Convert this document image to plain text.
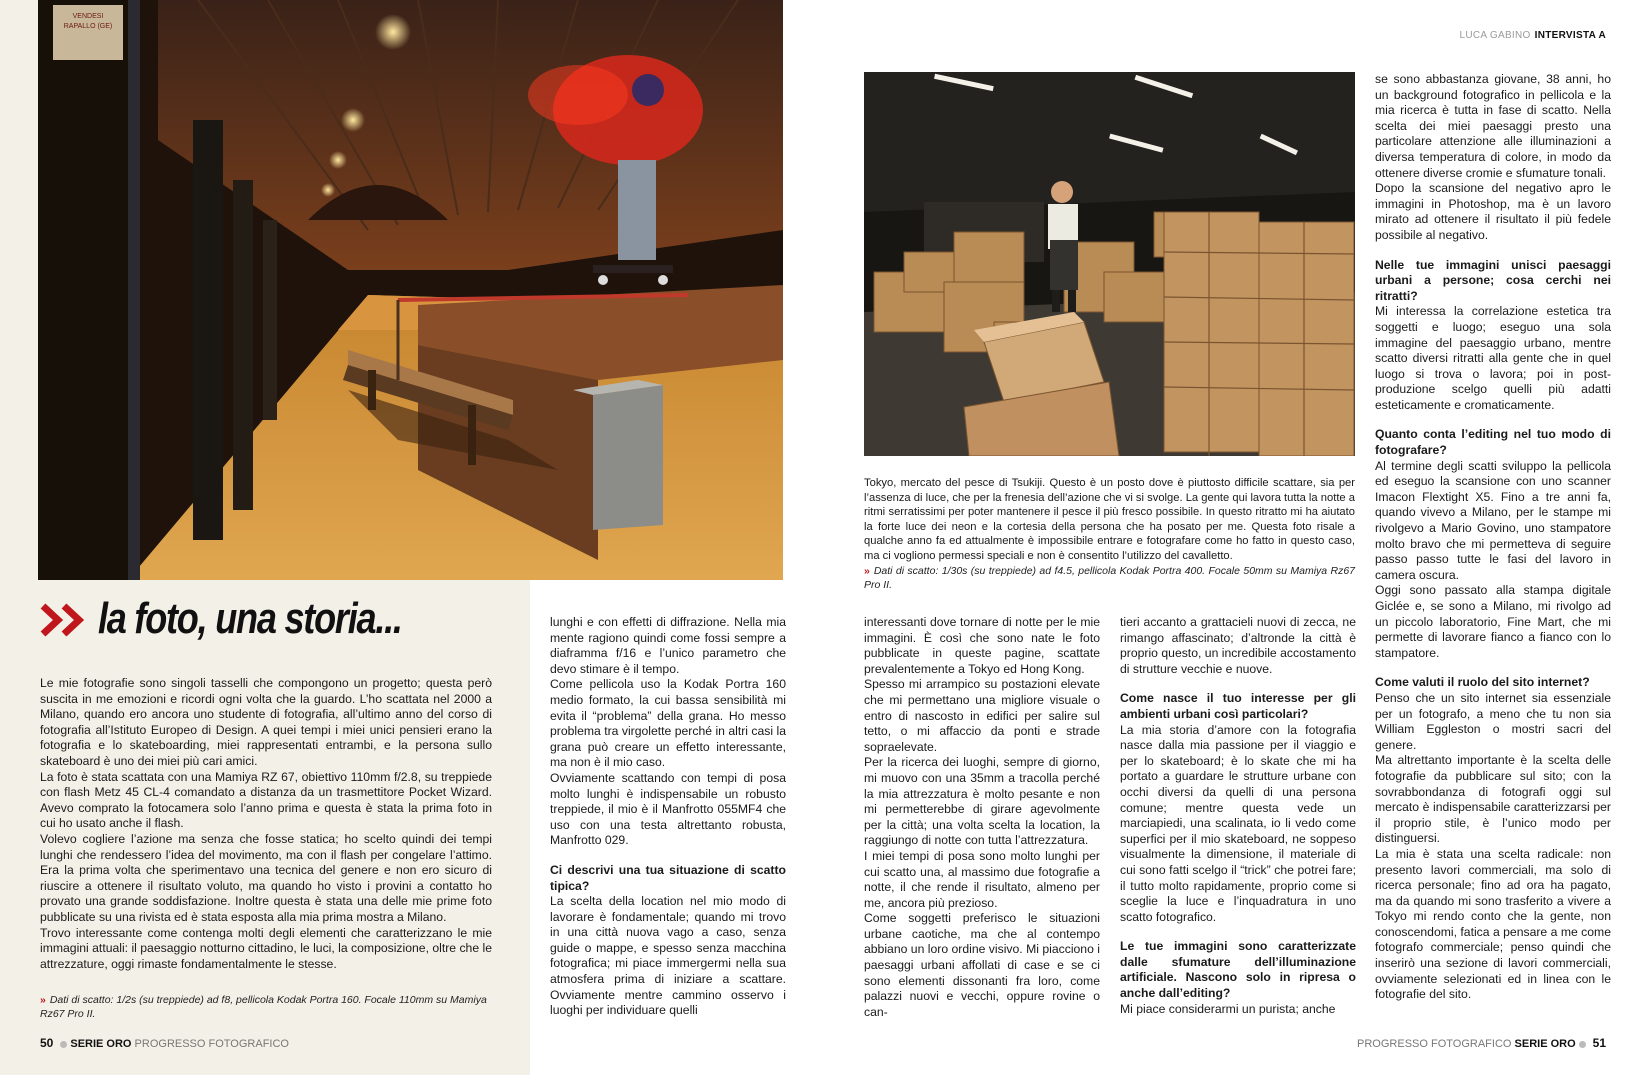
VENDESI
RAPALLO (GE)
la foto, una storia...

Le mie fotografie sono singoli tasselli che compongono un progetto; questa però suscita in me emozioni e ricordi ogni volta che la guardo. L’ho scattata nel 2000 a Milano, quando ero ancora uno studente di fotografia, all’ultimo anno del corso di fotografia all’Istituto Europeo di Design. A quei tempi i miei unici pensieri erano la fotografia e lo skateboarding, miei rappresentati entrambi, e la persona sullo skateboard è uno dei miei più cari amici.

La foto è stata scattata con una Mamiya RZ 67, obiettivo 110mm f/2.8, su treppiede con flash Metz 45 CL-4 comandato a distanza da un trasmettitore Pocket Wizard. Avevo comprato la fotocamera solo l’anno prima e questa è stata la prima foto in cui ho usato anche il flash.

Volevo cogliere l’azione ma senza che fosse statica; ho scelto quindi dei tempi lunghi che rendessero l’idea del movimento, ma con il flash per congelare l’attimo. Era la prima volta che sperimentavo una tecnica del genere e non ero sicuro di riuscire a ottenere il risultato voluto, ma quando ho visto i provini a contatto ho provato una grande soddisfazione. Inoltre questa è stata una delle mie prime foto pubblicate su una rivista ed è stata esposta alla mia prima mostra a Milano.

Trovo interessante come contenga molti degli elementi che caratterizzano le mie immagini attuali: il paesaggio notturno cittadino, le luci, la composizione, oltre che le attrezzature, oggi rimaste fondamentalmente le stesse.

» Dati di scatto: 1/2s (su treppiede) ad f8, pellicola Kodak Portra 160. Focale 110mm su Mamiya Rz67 Pro II.

lunghi e con effetti di diffrazione. Nella mia mente ragiono quindi come fossi sempre a diaframma f/16 e l’unico parametro che devo stimare è il tempo.

Come pellicola uso la Kodak Portra 160 medio formato, la cui bassa sensibilità mi evita il “problema” della grana. Ho messo problema tra virgolette perché in altri casi la grana può creare un effetto interessante, ma non è il mio caso.

Ovviamente scattando con tempi di posa molto lunghi è indispensabile un robusto treppiede, il mio è il Manfrotto 055MF4 che uso con una testa altrettanto robusta, Manfrotto 029.

Ci descrivi una tua situazione di scatto tipica?

La scelta della location nel mio modo di lavorare è fondamentale; quando mi trovo in una città nuova vago a caso, senza guide o mappe, e spesso senza macchina fotografica; mi piace immergermi nella sua atmosfera prima di iniziare a scattare. Ovviamente mentre cammino osservo i luoghi per individuare quelli

50 SERIE ORO PROGRESSO FOTOGRAFICO
LUCA GABINO INTERVISTA A

Tokyo, mercato del pesce di Tsukiji. Questo è un posto dove è piuttosto difficile scattare, sia per l’assenza di luce, che per la frenesia dell’azione che vi si svolge. La gente qui lavora tutta la notte a ritmi serratissimi per poter mantenere il pesce il più fresco possibile. In questo ritratto mi ha aiutato la forte luce dei neon e la cortesia della persona che ha posato per me. Questa foto risale a qualche anno fa ed attualmente è impossibile entrare e fotografare come ho fatto in questo caso, ma ci vogliono permessi speciali e non è consentito l’utilizzo del cavalletto.

» Dati di scatto: 1/30s (su treppiede) ad f4.5, pellicola Kodak Portra 400. Focale 50mm su Mamiya Rz67 Pro II.

interessanti dove tornare di notte per le mie immagini. È così che sono nate le foto pubblicate in queste pagine, scattate prevalentemente a Tokyo ed Hong Kong.

Spesso mi arrampico su postazioni elevate che mi permettano una migliore visuale o entro di nascosto in edifici per salire sul tetto, o mi affaccio da ponti e strade sopraelevate.

Per la ricerca dei luoghi, sempre di giorno, mi muovo con una 35mm a tracolla perché la mia attrezzatura è molto pesante e non mi permetterebbe di girare agevolmente per la città; una volta scelta la location, la raggiungo di notte con tutta l’attrezzatura.

I miei tempi di posa sono molto lunghi per cui scatto una, al massimo due fotografie a notte, il che rende il risultato, almeno per me, ancora più prezioso.

Come soggetti preferisco le situazioni urbane caotiche, ma che al contempo abbiano un loro ordine visivo. Mi piacciono i paesaggi urbani affollati di case e se ci sono elementi dissonanti fra loro, come palazzi nuovi e vecchi, oppure rovine o can-

tieri accanto a grattacieli nuovi di zecca, ne rimango affascinato; d’altronde la città è proprio questo, un incredibile accostamento di strutture vecchie e nuove.

Come nasce il tuo interesse per gli ambienti urbani così particolari?

La mia storia d’amore con la fotografia nasce dalla mia passione per il viaggio e per lo skateboard; è lo skate che mi ha portato a guardare le strutture urbane con occhi diversi da quelli di una persona comune; mentre questa vede un marciapiedi, una scalinata, io li vedo come superfici per il mio skateboard, ne soppeso visualmente la dimensione, il materiale di cui sono fatti scelgo il “trick” che potrei fare; il tutto molto rapidamente, proprio come si sceglie la luce e l’inquadratura in uno scatto fotografico.

Le tue immagini sono caratterizzate dalle sfumature dell’illuminazione artificiale. Nascono solo in ripresa o anche dall’editing?

Mi piace considerarmi un purista; anche

se sono abbastanza giovane, 38 anni, ho un background fotografico in pellicola e la mia ricerca è tutta in fase di scatto. Nella scelta dei miei paesaggi presto una particolare attenzione alle illuminazioni a diversa temperatura di colore, in modo da ottenere diverse cromie e sfumature tonali.

Dopo la scansione del negativo apro le immagini in Photoshop, ma è un lavoro mirato ad ottenere il risultato il più fedele possibile al negativo.

Nelle tue immagini unisci paesaggi urbani a persone; cosa cerchi nei ritratti?

Mi interessa la correlazione estetica tra soggetti e luogo; eseguo una sola immagine del paesaggio urbano, mentre scatto diversi ritratti alla gente che in quel luogo si trova o lavora; poi in post-produzione scelgo quelli più adatti esteticamente e cromaticamente.

Quanto conta l’editing nel tuo modo di fotografare?

Al termine degli scatti sviluppo la pellicola ed eseguo la scansione con uno scanner Imacon Flextight X5. Fino a tre anni fa, quando vivevo a Milano, per le stampe mi rivolgevo a Mario Govino, uno stampatore molto bravo che mi permetteva di seguire passo passo tutte le fasi del lavoro in camera oscura.

Oggi sono passato alla stampa digitale Giclée e, se sono a Milano, mi rivolgo ad un piccolo laboratorio, Fine Mart, che mi permette di lavorare fianco a fianco con lo stampatore.

Come valuti il ruolo del sito internet?

Penso che un sito internet sia essenziale per un fotografo, a meno che tu non sia William Eggleston o mostri sacri del genere.

Ma altrettanto importante è la scelta delle fotografie da pubblicare sul sito; con la sovrabbondanza di fotografi oggi sul mercato è indispensabile caratterizzarsi per il proprio stile, è l’unico modo per distinguersi.

La mia è stata una scelta radicale: non presento lavori commerciali, ma solo di ricerca personale; fino ad ora ha pagato, ma da quando mi sono trasferito a vivere a Tokyo mi rendo conto che la gente, non conoscendomi, fatica a pensare a me come fotografo commerciale; penso quindi che inserirò una sezione di lavori commerciali, ovviamente selezionati ed in linea con le fotografie del sito.

PROGRESSO FOTOGRAFICO SERIE ORO 51
